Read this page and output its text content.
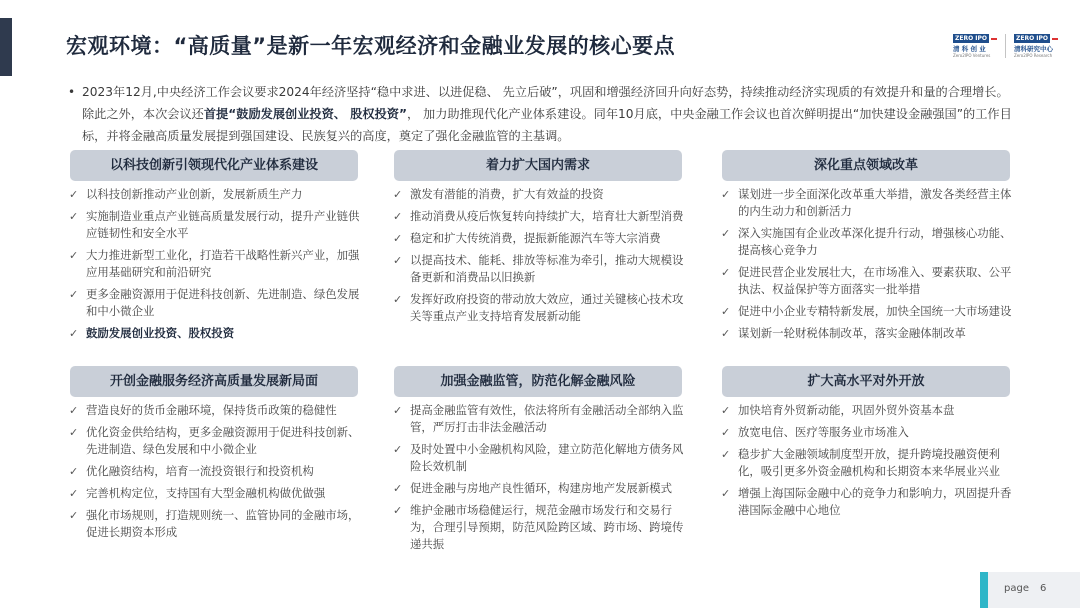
宏观环境：“高质量”是新一年宏观经济和金融业发展的核心要点	ZERO IPO
清 科 创 业
Zero2IPO Ventures
ZERO IPO
清科研究中心
Zero2IPO Research
• 2023年12月,中央经济工作会议要求2024年经济坚持“稳中求进、以进促稳、 先立后破”，巩固和增强经济回升向好态势，持续推动经济实现质的有效提升和量的合理增长。除此之外，本次会议还首提“鼓励发展创业投资、 股权投资”， 加力助推现代化产业体系建设。同年10月底，中央金融工作会议也首次鲜明提出“加快建设金融强国”的工作目标，并将金融高质量发展提到强国建设、民族复兴的高度，奠定了强化金融监管的主基调。
以科技创新引领现代化产业体系建设
✓ 以科技创新推动产业创新，发展新质生产力
✓ 实施制造业重点产业链高质量发展行动，提升产业链供应链韧性和安全水平
✓ 大力推进新型工业化，打造若干战略性新兴产业，加强应用基础研究和前沿研究
✓ 更多金融资源用于促进科技创新、先进制造、绿色发展和中小微企业
✓ 鼓励发展创业投资、股权投资
着力扩大国内需求
✓ 激发有潜能的消费，扩大有效益的投资
✓ 推动消费从疫后恢复转向持续扩大，培育壮大新型消费
✓ 稳定和扩大传统消费，提振新能源汽车等大宗消费
✓ 以提高技术、能耗、排放等标准为牵引，推动大规模设备更新和消费品以旧换新
✓ 发挥好政府投资的带动放大效应，通过关键核心技术攻关等重点产业支持培育发展新动能
深化重点领域改革
✓ 谋划进一步全面深化改革重大举措，激发各类经营主体的内生动力和创新活力
✓ 深入实施国有企业改革深化提升行动，增强核心功能、提高核心竞争力
✓ 促进民营企业发展壮大，在市场准入、要素获取、公平执法、权益保护等方面落实一批举措
✓ 促进中小企业专精特新发展，加快全国统一大市场建设
✓ 谋划新一轮财税体制改革，落实金融体制改革
开创金融服务经济高质量发展新局面
✓ 营造良好的货币金融环境，保持货币政策的稳健性
✓ 优化资金供给结构，更多金融资源用于促进科技创新、先进制造、绿色发展和中小微企业
✓ 优化融资结构，培育一流投资银行和投资机构
✓ 完善机构定位，支持国有大型金融机构做优做强
✓ 强化市场规则，打造规则统一、监管协同的金融市场，促进长期资本形成
加强金融监管，防范化解金融风险
✓ 提高金融监管有效性，依法将所有金融活动全部纳入监管，严厉打击非法金融活动
✓ 及时处置中小金融机构风险，建立防范化解地方债务风险长效机制
✓ 促进金融与房地产良性循环，构建房地产发展新模式
✓ 维护金融市场稳健运行，规范金融市场发行和交易行为，合理引导预期，防范风险跨区域、跨市场、跨境传递共振
扩大高水平对外开放
✓ 加快培育外贸新动能，巩固外贸外资基本盘
✓ 放宽电信、医疗等服务业市场准入
✓ 稳步扩大金融领域制度型开放，提升跨境投融资便利化，吸引更多外资金融机构和长期资本来华展业兴业
✓ 增强上海国际金融中心的竞争力和影响力，巩固提升香港国际金融中心地位
page 6
